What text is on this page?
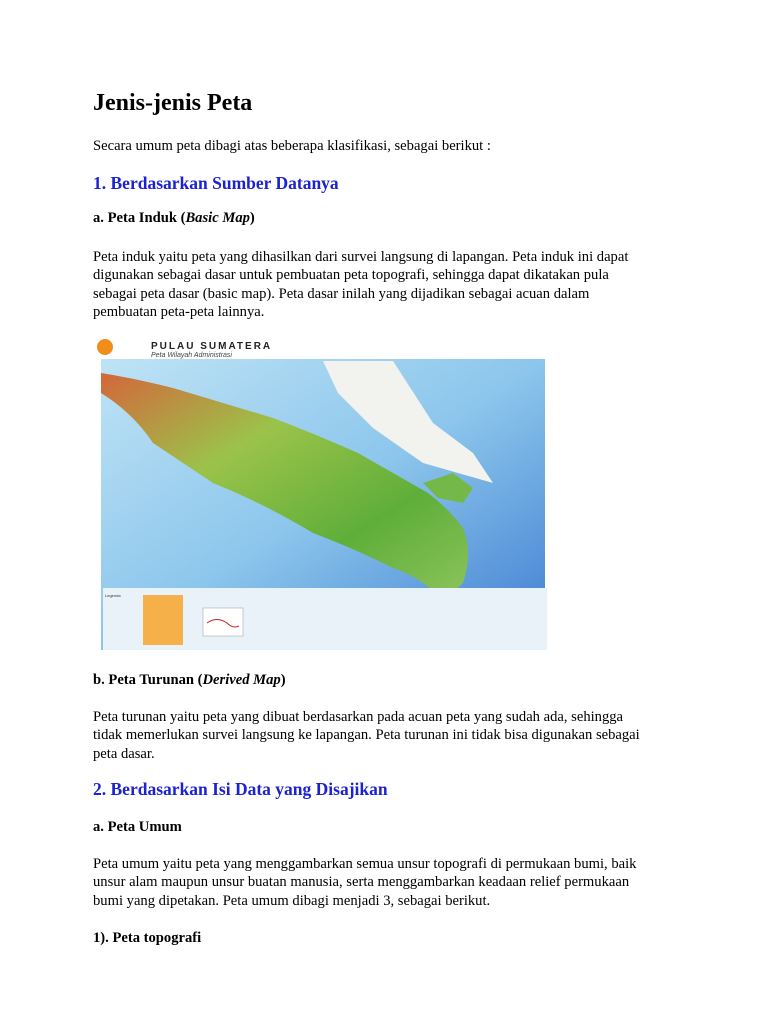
Jenis-jenis Peta

Secara umum peta dibagi atas beberapa klasifikasi, sebagai berikut :

1. Berdasarkan Sumber Datanya
a. Peta Induk (Basic Map)

Peta induk yaitu peta yang dihasilkan dari survei langsung di lapangan. Peta induk ini dapat
digunakan sebagai dasar untuk pembuatan peta topografi, sehingga dapat dikatakan pula
sebagai peta dasar (basic map). Peta dasar inilah yang dijadikan sebagai acuan dalam
pembuatan peta-peta lainnya.

PULAU SUMATERA
Peta Wilayah Administrasi
Legenda
b. Peta Turunan (Derived Map)

Peta turunan yaitu peta yang dibuat berdasarkan pada acuan peta yang sudah ada, sehingga
tidak memerlukan survei langsung ke lapangan. Peta turunan ini tidak bisa digunakan sebagai
peta dasar.

2. Berdasarkan Isi Data yang Disajikan
a. Peta Umum

Peta umum yaitu peta yang menggambarkan semua unsur topografi di permukaan bumi, baik
unsur alam maupun unsur buatan manusia, serta menggambarkan keadaan relief permukaan
bumi yang dipetakan. Peta umum dibagi menjadi 3, sebagai berikut.

1). Peta topografi
